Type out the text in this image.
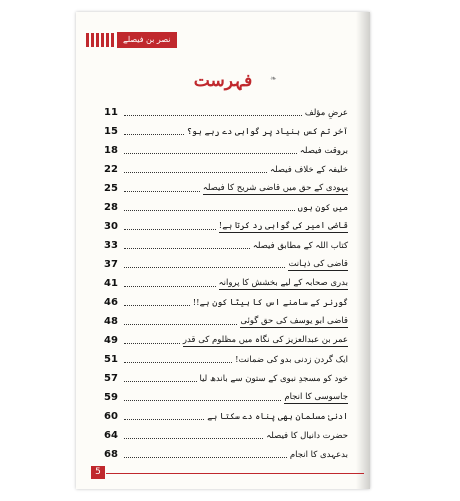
نصر بن فیصلے
فہرست	❧
11	عرضِ مؤلف
15	آخر تم کس بنیاد پر گواہی دے رہے ہو؟
18	بروقت فیصلہ
22	خلیفہ کے خلاف فیصلہ
25	یہودی کے حق میں قاضی شریح کا فیصلہ
28	میں کون ہوں
30	قاضی امیر کی گواہی رد کرتا ہے!
33	کتاب اللہ کے مطابق فیصلہ
37	قاضی کی ذہانت
41	بدری صحابہ کے لیے بخشش کا پروانہ
46	گورنر کے سامنے اس کا بیٹا کون ہے!!
48	قاضی ابو یوسف کی حق گوئی
49	عمر بن عبدالعزیز کی نگاہ میں مظلوم کی قدر
51	ایک گردن زدنی بدو کی ضمانت!
57	خود کو مسجدِ نبوی کے ستون سے باندھ لیا
59	جاسوسی کا انجام
60	ادنیٰ مسلمان بھی پناہ دے سکتا ہے
64	حضرت دانیال کا فیصلہ
68	بدعہدی کا انجام
5
